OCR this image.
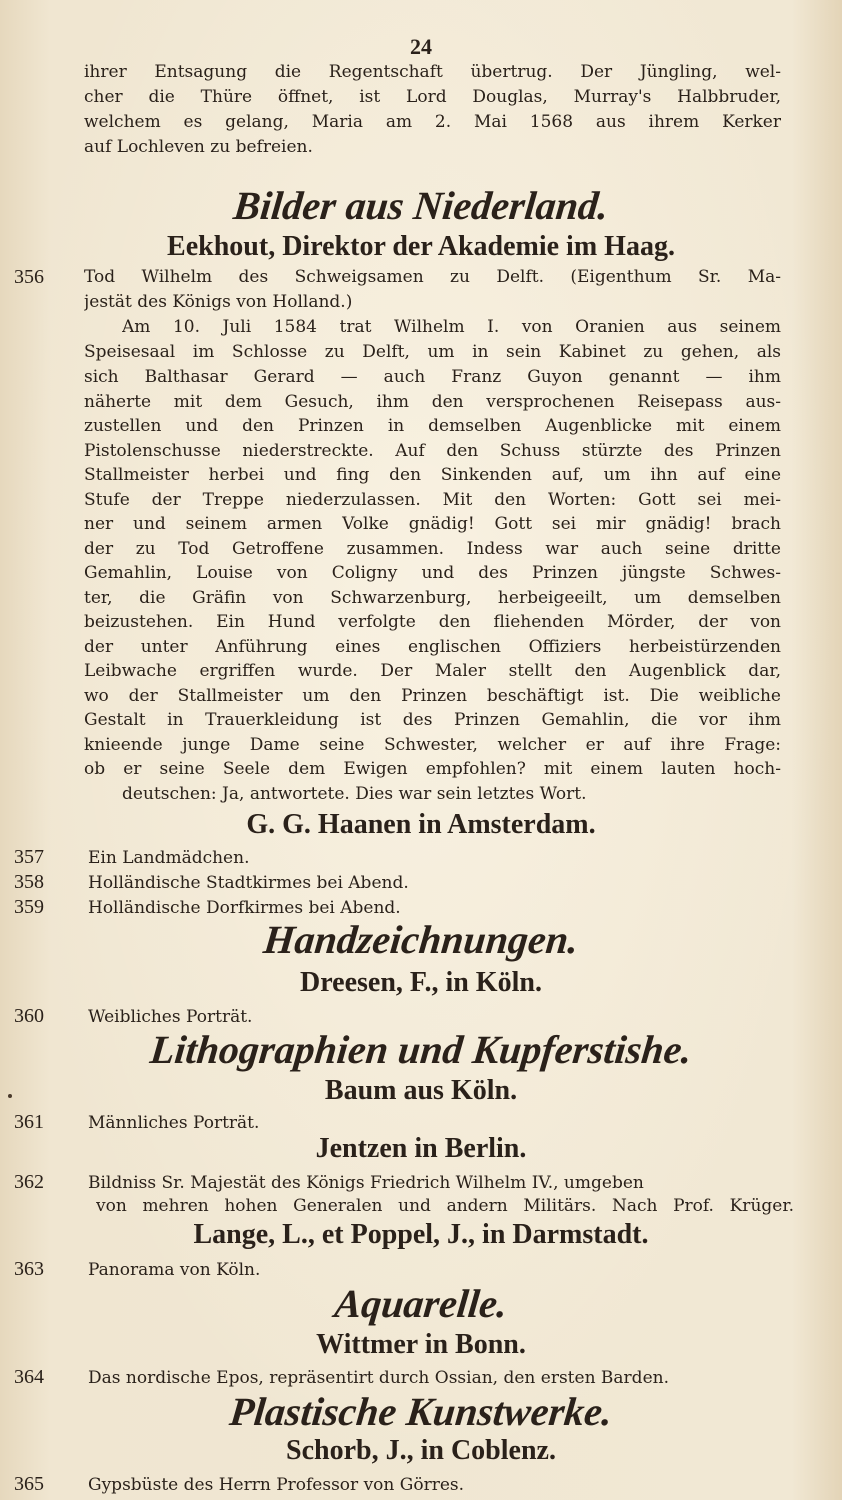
24

ihrer Entsagung die Regentschaft übertrug. Der Jüngling, wel-

cher die Thüre öffnet, ist Lord Douglas, Murray's Halbbruder,

welchem es gelang, Maria am 2. Mai 1568 aus ihrem Kerker

auf Lochleven zu befreien.

Bilder aus Niederland.
Eekhout, Direktor der Akademie im Haag.
356 Tod Wilhelm des Schweigsamen zu Delft. (Eigenthum Sr. Ma-

jestät des Königs von Holland.)

Am 10. Juli 1584 trat Wilhelm I. von Oranien aus seinem

Speisesaal im Schlosse zu Delft, um in sein Kabinet zu gehen, als

sich Balthasar Gerard — auch Franz Guyon genannt — ihm

näherte mit dem Gesuch, ihm den versprochenen Reisepass aus-

zustellen und den Prinzen in demselben Augenblicke mit einem

Pistolenschusse niederstreckte. Auf den Schuss stürzte des Prinzen

Stallmeister herbei und fing den Sinkenden auf, um ihn auf eine

Stufe der Treppe niederzulassen. Mit den Worten: Gott sei mei-

ner und seinem armen Volke gnädig! Gott sei mir gnädig! brach

der zu Tod Getroffene zusammen. Indess war auch seine dritte

Gemahlin, Louise von Coligny und des Prinzen jüngste Schwes-

ter, die Gräfin von Schwarzenburg, herbeigeeilt, um demselben

beizustehen. Ein Hund verfolgte den fliehenden Mörder, der von

der unter Anführung eines englischen Offiziers herbeistürzenden

Leibwache ergriffen wurde. Der Maler stellt den Augenblick dar,

wo der Stallmeister um den Prinzen beschäftigt ist. Die weibliche

Gestalt in Trauerkleidung ist des Prinzen Gemahlin, die vor ihm

knieende junge Dame seine Schwester, welcher er auf ihre Frage:

ob er seine Seele dem Ewigen empfohlen? mit einem lauten hoch-

deutschen: Ja, antwortete. Dies war sein letztes Wort.

G. G. Haanen in Amsterdam.

357	Ein Landmädchen.

358	Holländische Stadtkirmes bei Abend.

359	Holländische Dorfkirmes bei Abend.

Handzeichnungen.
Dreesen, F., in Köln.

360	Weibliches Porträt.

Lithographien und Kupferstishe.
Baum aus Köln.

361	Männliches Porträt.

Jentzen in Berlin.

362	Bildniss Sr. Majestät des Königs Friedrich Wilhelm IV., umgeben

von mehren hohen Generalen und andern Militärs. Nach Prof. Krüger.

Lange, L., et Poppel, J., in Darmstadt.

363	Panorama von Köln.

Aquarelle.
Wittmer in Bonn.

364	Das nordische Epos, repräsentirt durch Ossian, den ersten Barden.

Plastische Kunstwerke.
Schorb, J., in Coblenz.

365	Gypsbüste des Herrn Professor von Görres.
